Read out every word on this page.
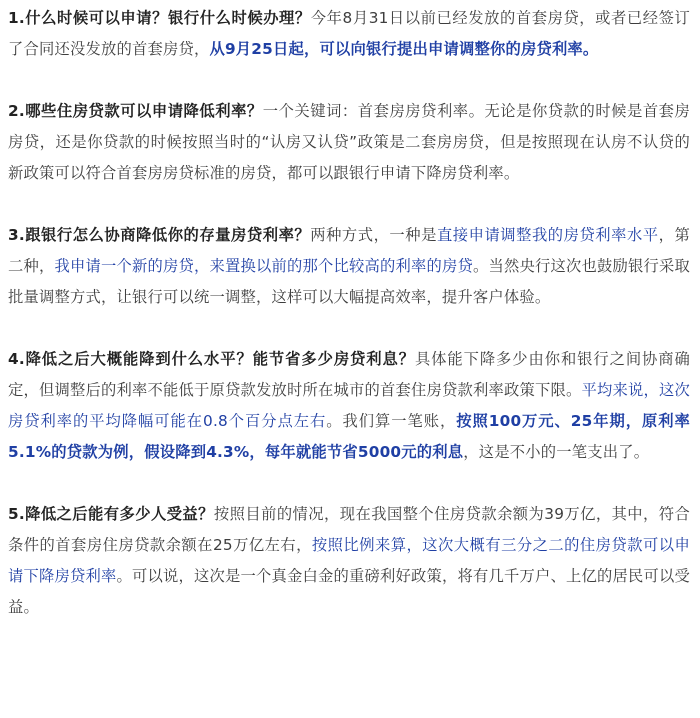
1.什么时候可以申请？银行什么时候办理？今年8月31日以前已经发放的首套房贷，或者已经签订了合同还没发放的首套房贷，从9月25日起，可以向银行提出申请调整你的房贷利率。

2.哪些住房贷款可以申请降低利率？一个关键词：首套房房贷利率。无论是你贷款的时候是首套房房贷，还是你贷款的时候按照当时的“认房又认贷”政策是二套房房贷，但是按照现在认房不认贷的新政策可以符合首套房房贷标准的房贷，都可以跟银行申请下降房贷利率。

3.跟银行怎么协商降低你的存量房贷利率？两种方式，一种是直接申请调整我的房贷利率水平，第二种，我申请一个新的房贷，来置换以前的那个比较高的利率的房贷。当然央行这次也鼓励银行采取批量调整方式，让银行可以统一调整，这样可以大幅提高效率，提升客户体验。

4.降低之后大概能降到什么水平？能节省多少房贷利息？具体能下降多少由你和银行之间协商确定，但调整后的利率不能低于原贷款发放时所在城市的首套住房贷款利率政策下限。平均来说，这次房贷利率的平均降幅可能在0.8个百分点左右。我们算一笔账，按照100万元、25年期，原利率5.1%的贷款为例，假设降到4.3%，每年就能节省5000元的利息，这是不小的一笔支出了。

5.降低之后能有多少人受益？按照目前的情况，现在我国整个住房贷款余额为39万亿，其中，符合条件的首套房住房贷款余额在25万亿左右，按照比例来算，这次大概有三分之二的住房贷款可以申请下降房贷利率。可以说，这次是一个真金白金的重磅利好政策，将有几千万户、上亿的居民可以受益。
